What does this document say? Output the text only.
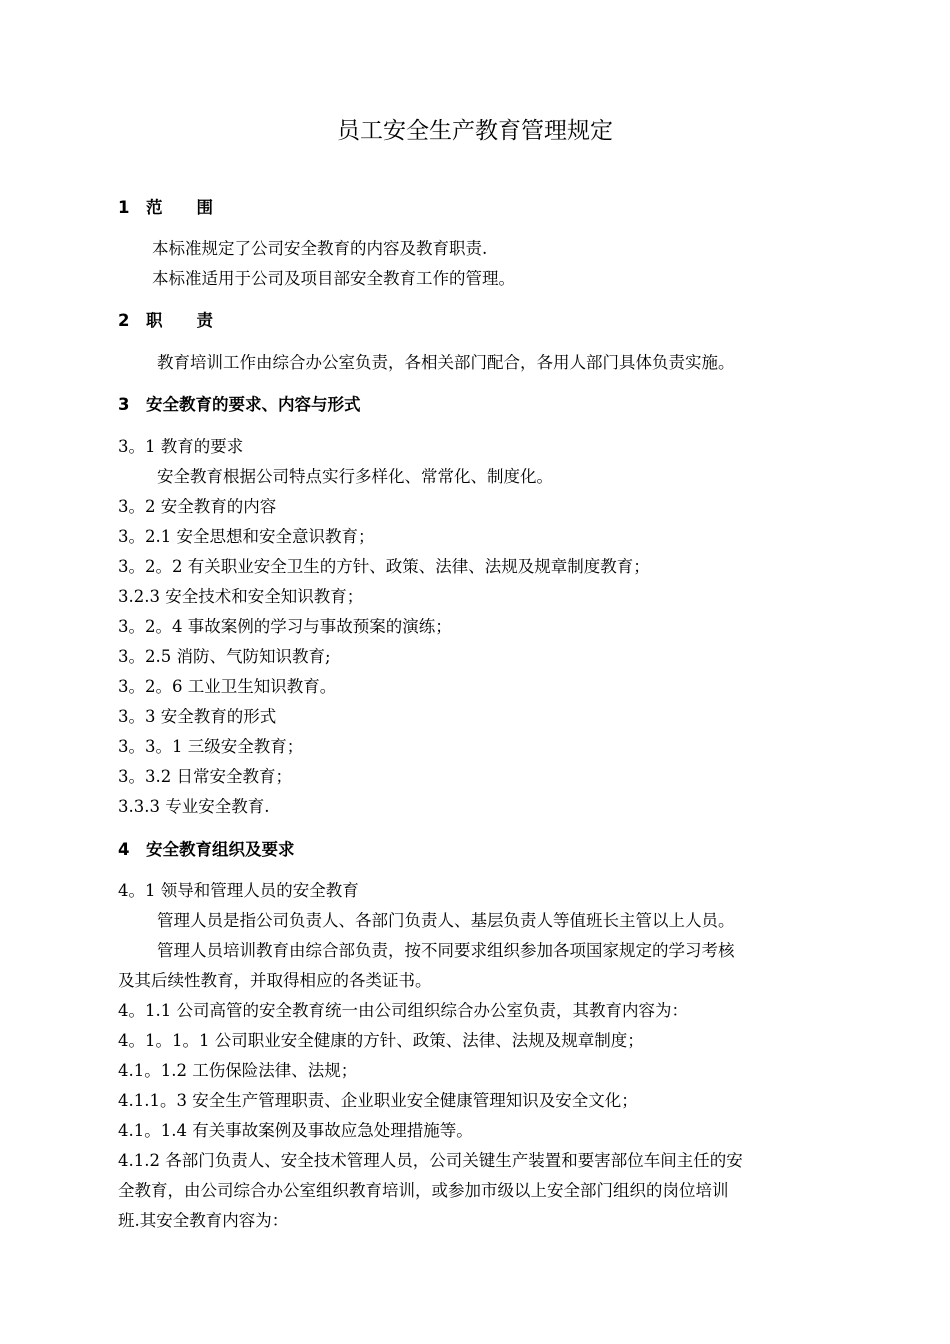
员工安全生产教育管理规定
1 范 围
本标准规定了公司安全教育的内容及教育职责.
本标准适用于公司及项目部安全教育工作的管理。
2 职 责
教育培训工作由综合办公室负责，各相关部门配合，各用人部门具体负责实施。
3 安全教育的要求、内容与形式
3。1 教育的要求
安全教育根据公司特点实行多样化、常常化、制度化。
3。2 安全教育的内容
3。2.1 安全思想和安全意识教育；
3。2。2 有关职业安全卫生的方针、政策、法律、法规及规章制度教育；
3.2.3 安全技术和安全知识教育；
3。2。4 事故案例的学习与事故预案的演练；
3。2.5 消防、气防知识教育;
3。2。6 工业卫生知识教育。
3。3 安全教育的形式
3。3。1 三级安全教育；
3。3.2 日常安全教育；
3.3.3 专业安全教育.
4 安全教育组织及要求
4。1 领导和管理人员的安全教育
管理人员是指公司负责人、各部门负责人、基层负责人等值班长主管以上人员。
管理人员培训教育由综合部负责，按不同要求组织参加各项国家规定的学习考核
及其后续性教育，并取得相应的各类证书。
4。1.1 公司高管的安全教育统一由公司组织综合办公室负责，其教育内容为：
4。1。1。1 公司职业安全健康的方针、政策、法律、法规及规章制度；
4.1。1.2 工伤保险法律、法规；
4.1.1。3 安全生产管理职责、企业职业安全健康管理知识及安全文化；
4.1。1.4 有关事故案例及事故应急处理措施等。
4.1.2 各部门负责人、安全技术管理人员，公司关键生产装置和要害部位车间主任的安
全教育，由公司综合办公室组织教育培训，或参加市级以上安全部门组织的岗位培训
班.其安全教育内容为：
